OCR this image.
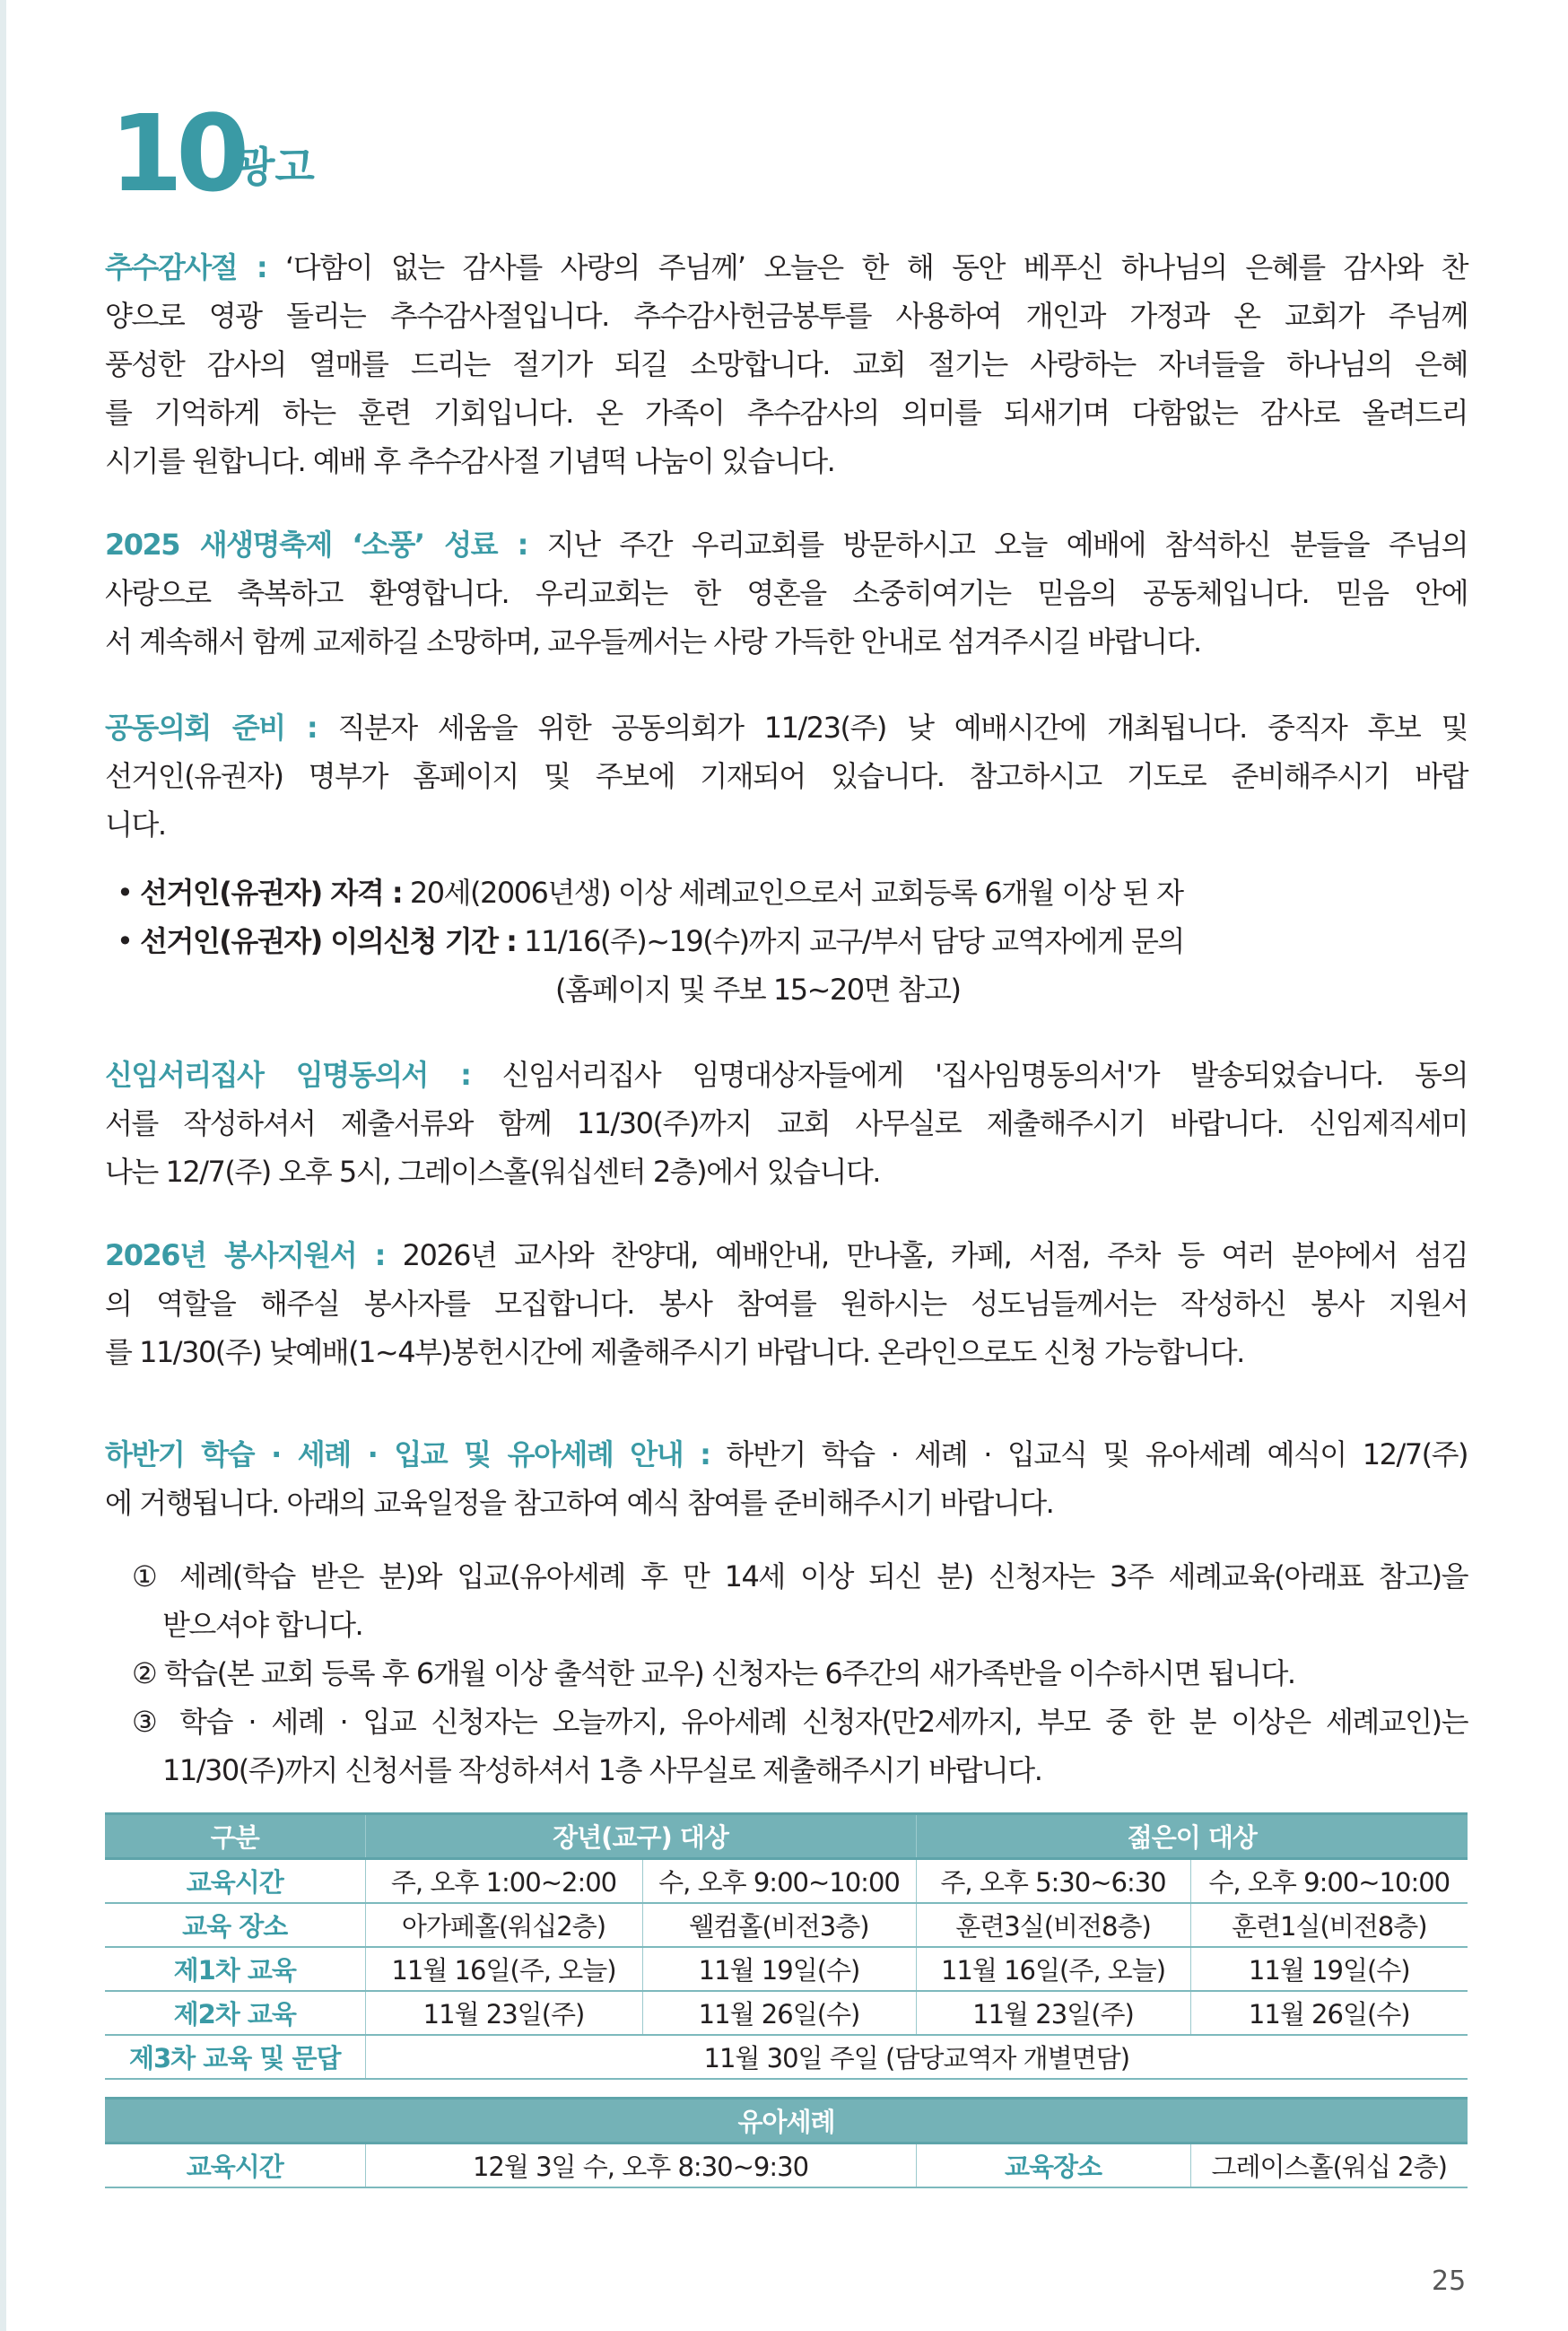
10
광고
추수감사절 : ‘다함이 없는 감사를 사랑의 주님께’ 오늘은 한 해 동안 베푸신 하나님의 은혜를 감사와 찬
양으로 영광 돌리는 추수감사절입니다. 추수감사헌금봉투를 사용하여 개인과 가정과 온 교회가 주님께
풍성한 감사의 열매를 드리는 절기가 되길 소망합니다. 교회 절기는 사랑하는 자녀들을 하나님의 은혜
를 기억하게 하는 훈련 기회입니다. 온 가족이 추수감사의 의미를 되새기며 다함없는 감사로 올려드리
시기를 원합니다. 예배 후 추수감사절 기념떡 나눔이 있습니다.
2025 새생명축제 ‘소풍’ 성료 : 지난 주간 우리교회를 방문하시고 오늘 예배에 참석하신 분들을 주님의
사랑으로 축복하고 환영합니다. 우리교회는 한 영혼을 소중히여기는 믿음의 공동체입니다. 믿음 안에
서 계속해서 함께 교제하길 소망하며, 교우들께서는 사랑 가득한 안내로 섬겨주시길 바랍니다.
공동의회 준비 : 직분자 세움을 위한 공동의회가 11/23(주) 낮 예배시간에 개최됩니다. 중직자 후보 및
선거인(유권자) 명부가 홈페이지 및 주보에 기재되어 있습니다. 참고하시고 기도로 준비해주시기 바랍
니다.
• 선거인(유권자) 자격 : 20세(2006년생) 이상 세례교인으로서 교회등록 6개월 이상 된 자
• 선거인(유권자) 이의신청 기간 : 11/16(주)~19(수)까지 교구/부서 담당 교역자에게 문의
(홈페이지 및 주보 15~20면 참고)
신임서리집사 임명동의서 : 신임서리집사 임명대상자들에게 '집사임명동의서'가 발송되었습니다. 동의
서를 작성하셔서 제출서류와 함께 11/30(주)까지 교회 사무실로 제출해주시기 바랍니다. 신임제직세미
나는 12/7(주) 오후 5시, 그레이스홀(워십센터 2층)에서 있습니다.
2026년 봉사지원서 : 2026년 교사와 찬양대, 예배안내, 만나홀, 카페, 서점, 주차 등 여러 분야에서 섬김
의 역할을 해주실 봉사자를 모집합니다. 봉사 참여를 원하시는 성도님들께서는 작성하신 봉사 지원서
를 11/30(주) 낮예배(1~4부)봉헌시간에 제출해주시기 바랍니다. 온라인으로도 신청 가능합니다.
하반기 학습 · 세례 · 입교 및 유아세례 안내 : 하반기 학습 · 세례 · 입교식 및 유아세례 예식이 12/7(주)
에 거행됩니다. 아래의 교육일정을 참고하여 예식 참여를 준비해주시기 바랍니다.
① 세례(학습 받은 분)와 입교(유아세례 후 만 14세 이상 되신 분) 신청자는 3주 세례교육(아래표 참고)을
받으셔야 합니다.
② 학습(본 교회 등록 후 6개월 이상 출석한 교우) 신청자는 6주간의 새가족반을 이수하시면 됩니다.
③ 학습 · 세례 · 입교 신청자는 오늘까지, 유아세례 신청자(만2세까지, 부모 중 한 분 이상은 세례교인)는
11/30(주)까지 신청서를 작성하셔서 1층 사무실로 제출해주시기 바랍니다.
구분	장년(교구) 대상		젊은이 대상	
교육시간	주, 오후 1:00~2:00	수, 오후 9:00~10:00	주, 오후 5:30~6:30	수, 오후 9:00~10:00
교육 장소	아가페홀(워십2층)	웰컴홀(비전3층)	훈련3실(비전8층)	훈련1실(비전8층)
제1차 교육	11월 16일(주, 오늘)	11월 19일(수)	11월 16일(주, 오늘)	11월 19일(수)
제2차 교육	11월 23일(주)	11월 26일(수)	11월 23일(주)	11월 26일(수)
제3차 교육 및 문답	11월 30일 주일 (담당교역자 개별면담)			
유아세례
교육시간	12월 3일 수, 오후 8:30~9:30	교육장소	그레이스홀(워십 2층)
25
